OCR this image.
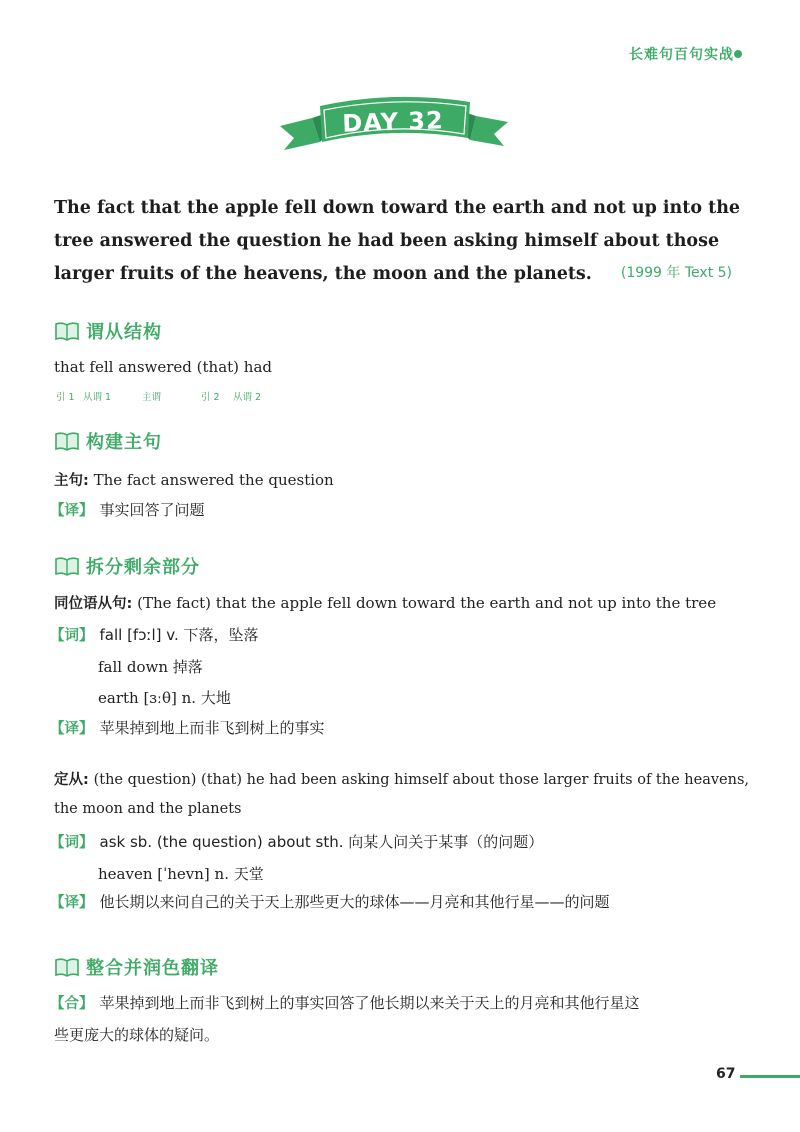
长难句百句实战
DAY 32
The fact that the apple fell down toward the earth and not up into the tree answered the question he had been asking himself about those larger fruits of the heavens, the moon and the planets.	(1999 年 Text 5)
谓从结构
that fell answered (that) had
引 1 从谓 1	主谓	引 2 从谓 2
构建主句
主句: The fact answered the question
【译】 事实回答了问题
拆分剩余部分
同位语从句: (The fact) that the apple fell down toward the earth and not up into the tree
【词】 fall [fɔːl] v. 下落，坠落
fall down 掉落
earth [ɜːθ] n. 大地
【译】 苹果掉到地上而非飞到树上的事实
定从: (the question) (that) he had been asking himself about those larger fruits of the heavens,
the moon and the planets
【词】 ask sb. (the question) about sth. 向某人问关于某事（的问题）
heaven [ˈhevn] n. 天堂
【译】 他长期以来问自己的关于天上那些更大的球体——月亮和其他行星——的问题
整合并润色翻译
【合】 苹果掉到地上而非飞到树上的事实回答了他长期以来关于天上的月亮和其他行星这
些更庞大的球体的疑问。
67
